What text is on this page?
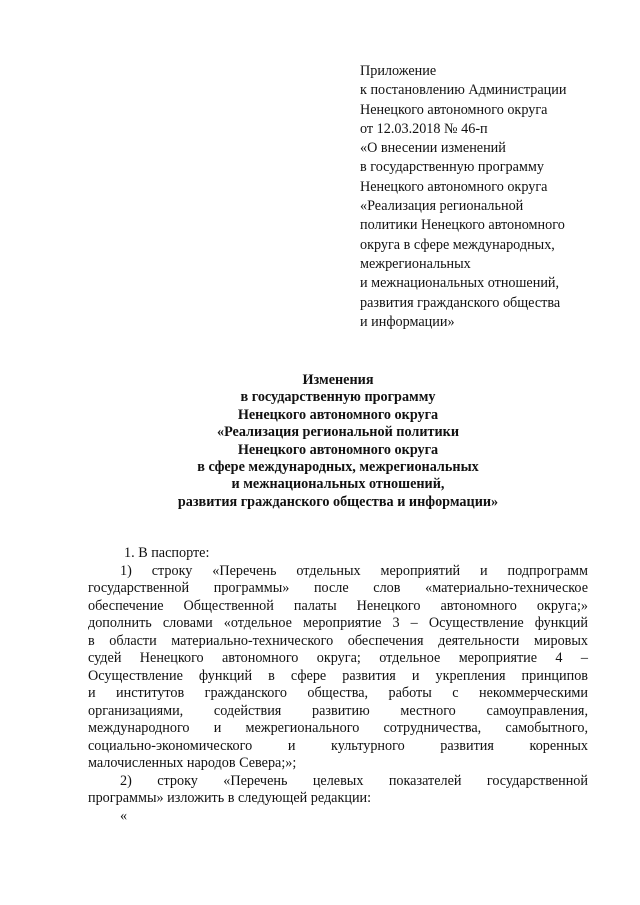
Приложение
к постановлению Администрации
Ненецкого автономного округа
от 12.03.2018 № 46-п
«О внесении изменений
в государственную программу
Ненецкого автономного округа
«Реализация региональной
политики Ненецкого автономного
округа в сфере международных,
межрегиональных
и межнациональных отношений,
развития гражданского общества
и информации»
Изменения
в государственную программу
Ненецкого автономного округа
«Реализация региональной политики
Ненецкого автономного округа
в сфере международных, межрегиональных
и межнациональных отношений,
развития гражданского общества и информации»
1. В паспорте:
1) строку «Перечень отдельных мероприятий и подпрограмм
государственной программы» после слов «материально-техническое
обеспечение Общественной палаты Ненецкого автономного округа;»
дополнить словами «отдельное мероприятие 3 – Осуществление функций
в области материально-технического обеспечения деятельности мировых
судей Ненецкого автономного округа; отдельное мероприятие 4 –
Осуществление функций в сфере развития и укрепления принципов
и институтов гражданского общества, работы с некоммерческими
организациями, содействия развитию местного самоуправления,
международного и межрегионального сотрудничества, самобытного,
социально-экономического и культурного развития коренных
малочисленных народов Севера;»;
2) строку «Перечень целевых показателей государственной
программы» изложить в следующей редакции:
«
